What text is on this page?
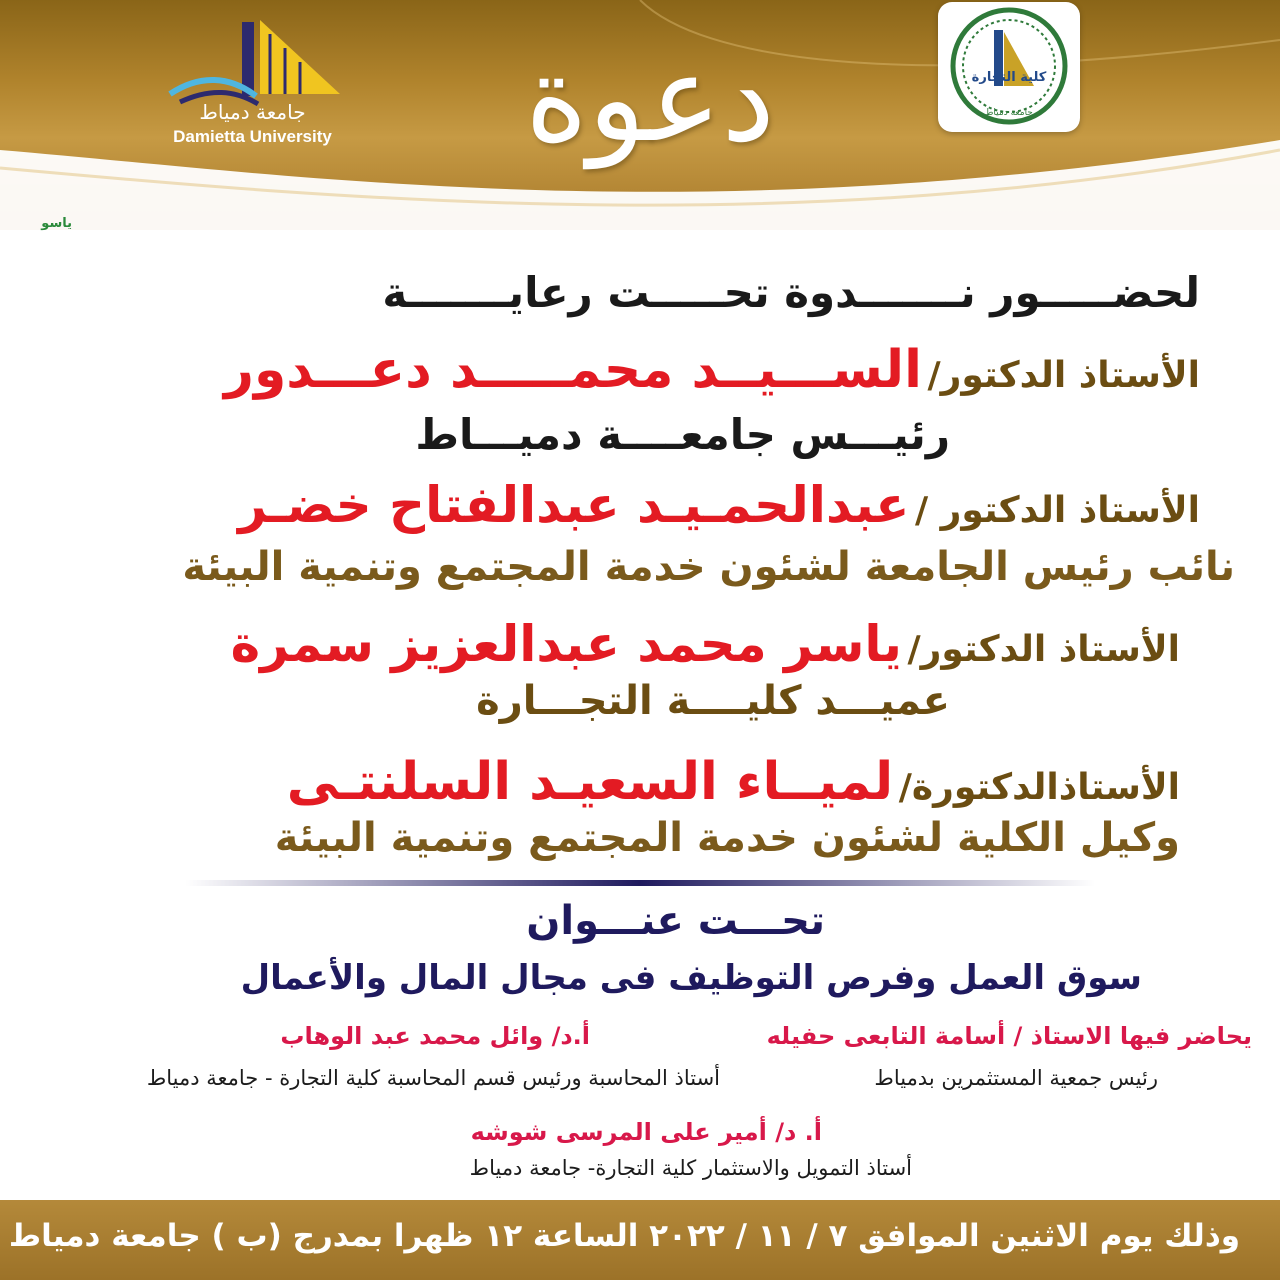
جامعة دمياط
Damietta University	دعوة	كلية التجارة
جامعة دمياط
ياسو
لحضـــــور نـــــــدوة تحـــــت رعايـــــــة
الأستاذ الدكتور/ الســـيــد محمـــــد دعـــدور
رئيـــس جامعــــة دميـــاط
الأستاذ الدكتور / عبدالحمـيـد عبدالفتاح خضـر
نائب رئيس الجامعة لشئون خدمة المجتمع وتنمية البيئة
الأستاذ الدكتور/ ياسر محمد عبدالعزيز سمرة
عميـــد كليــــة التجـــارة
الأستاذالدكتورة/ لميــاء السعيـد السلنتـى
وكيل الكلية لشئون خدمة المجتمع وتنمية البيئة
تحـــت عنـــوان
سوق العمل وفرص التوظيف فى مجال المال والأعمال
يحاضر فيها الاستاذ / أسامة التابعى حفيله
رئيس جمعية المستثمرين بدمياط
أ.د/ وائل محمد عبد الوهاب
أستاذ المحاسبة ورئيس قسم المحاسبة كلية التجارة - جامعة دمياط
أ. د/ أمير على المرسى شوشه
أستاذ التمويل والاستثمار كلية التجارة- جامعة دمياط
وذلك يوم الاثنين الموافق ٧ / ١١ / ٢٠٢٢ الساعة ١٢ ظهرا بمدرج (ب ) جامعة دمياط
